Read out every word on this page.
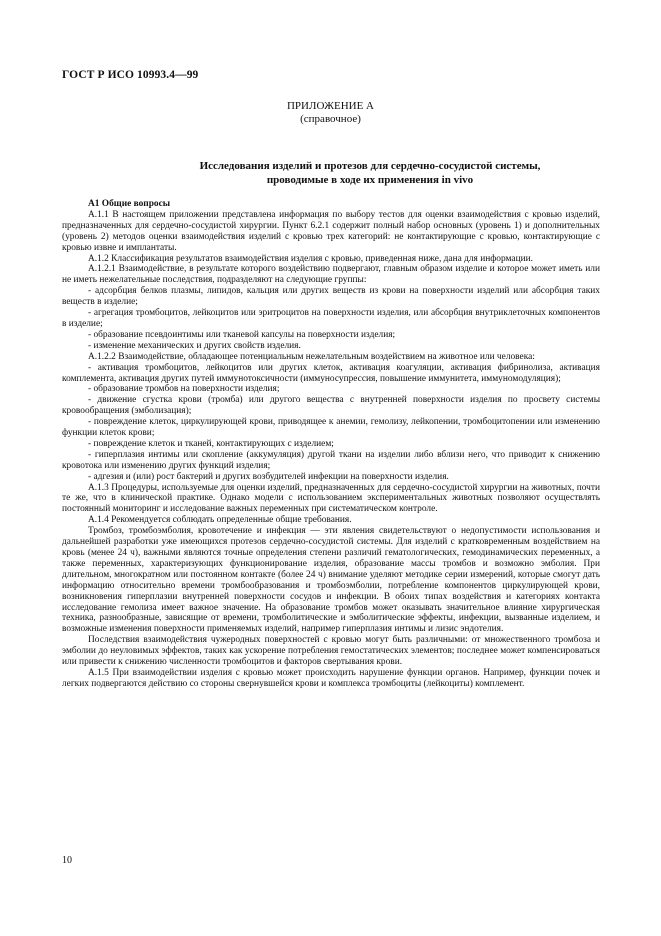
ГОСТ Р ИСО 10993.4—99
ПРИЛОЖЕНИЕ А
(справочное)
Исследования изделий и протезов для сердечно-сосудистой системы,
проводимые в ходе их применения in vivo
А1 Общие вопросы

А.1.1 В настоящем приложении представлена информация по выбору тестов для оценки взаимодействия с кровью изделий, предназначенных для сердечно-сосудистой хирургии. Пункт 6.2.1 содержит полный набор основных (уровень 1) и дополнительных (уровень 2) методов оценки взаимодействия изделий с кровью трех категорий: не контактирующие с кровью, контактирующие с кровью извне и имплантаты.

А.1.2 Классификация результатов взаимодействия изделия с кровью, приведенная ниже, дана для информации.

А.1.2.1 Взаимодействие, в результате которого воздействию подвергают, главным образом изделие и которое может иметь или не иметь нежелательные последствия, подразделяют на следующие группы:

- адсорбция белков плазмы, липидов, кальция или других веществ из крови на поверхности изделий или абсорбция таких веществ в изделие;

- агрегация тромбоцитов, лейкоцитов или эритроцитов на поверхности изделия, или абсорбция внутриклеточных компонентов в изделие;

- образование псевдоинтимы или тканевой капсулы на поверхности изделия;

- изменение механических и других свойств изделия.

А.1.2.2 Взаимодействие, обладающее потенциальным нежелательным воздействием на животное или человека:

- активация тромбоцитов, лейкоцитов или других клеток, активация коагуляции, активация фибринолиза, активация комплемента, активация других путей иммунотоксичности (иммуносупрессия, повышение иммунитета, иммуномодуляция);

- образование тромбов на поверхности изделия;

- движение сгустка крови (тромба) или другого вещества с внутренней поверхности изделия по просвету системы кровообращения (эмболизация);

- повреждение клеток, циркулирующей крови, приводящее к анемии, гемолизу, лейкопении, тромбоцитопении или изменению функции клеток крови;

- повреждение клеток и тканей, контактирующих с изделием;

- гиперплазия интимы или скопление (аккумуляция) другой ткани на изделии либо вблизи него, что приводит к снижению кровотока или изменению других функций изделия;

- адгезия и (или) рост бактерий и других возбудителей инфекции на поверхности изделия.

А.1.3 Процедуры, используемые для оценки изделий, предназначенных для сердечно-сосудистой хирургии на животных, почти те же, что в клинической практике. Однако модели с использованием экспериментальных животных позволяют осуществлять постоянный мониторинг и исследование важных переменных при систематическом контроле.

А.1.4 Рекомендуется соблюдать определенные общие требования.

Тромбоз, тромбоэмболия, кровотечение и инфекция — эти явления свидетельствуют о недопустимости использования и дальнейшей разработки уже имеющихся протезов сердечно-сосудистой системы. Для изделий с кратковременным воздействием на кровь (менее 24 ч), важными являются точные определения степени различий гематологических, гемодинамических переменных, а также переменных, характеризующих функционирование изделия, образование массы тромбов и возможно эмболия. При длительном, многократном или постоянном контакте (более 24 ч) внимание уделяют методике серии измерений, которые смогут дать информацию относительно времени тромбообразования и тромбоэмболии, потребление компонентов циркулирующей крови, возникновения гиперплазии внутренней поверхности сосудов и инфекции. В обоих типах воздействия и категориях контакта исследование гемолиза имеет важное значение. На образование тромбов может оказывать значительное влияние хирургическая техника, разнообразные, зависящие от времени, тромболитические и эмболитические эффекты, инфекции, вызванные изделием, и возможные изменения поверхности применяемых изделий, например гиперплазия интимы и лизис эндотелия.

Последствия взаимодействия чужеродных поверхностей с кровью могут быть различными: от множественного тромбоза и эмболии до неуловимых эффектов, таких как ускорение потребления гемостатических элементов; последнее может компенсироваться или привести к снижению численности тромбоцитов и факторов свертывания крови.

А.1.5 При взаимодействии изделия с кровью может происходить нарушение функции органов. Например, функции почек и легких подвергаются действию со стороны свернувшейся крови и комплекса тромбоциты (лейкоциты) комплемент.

10
